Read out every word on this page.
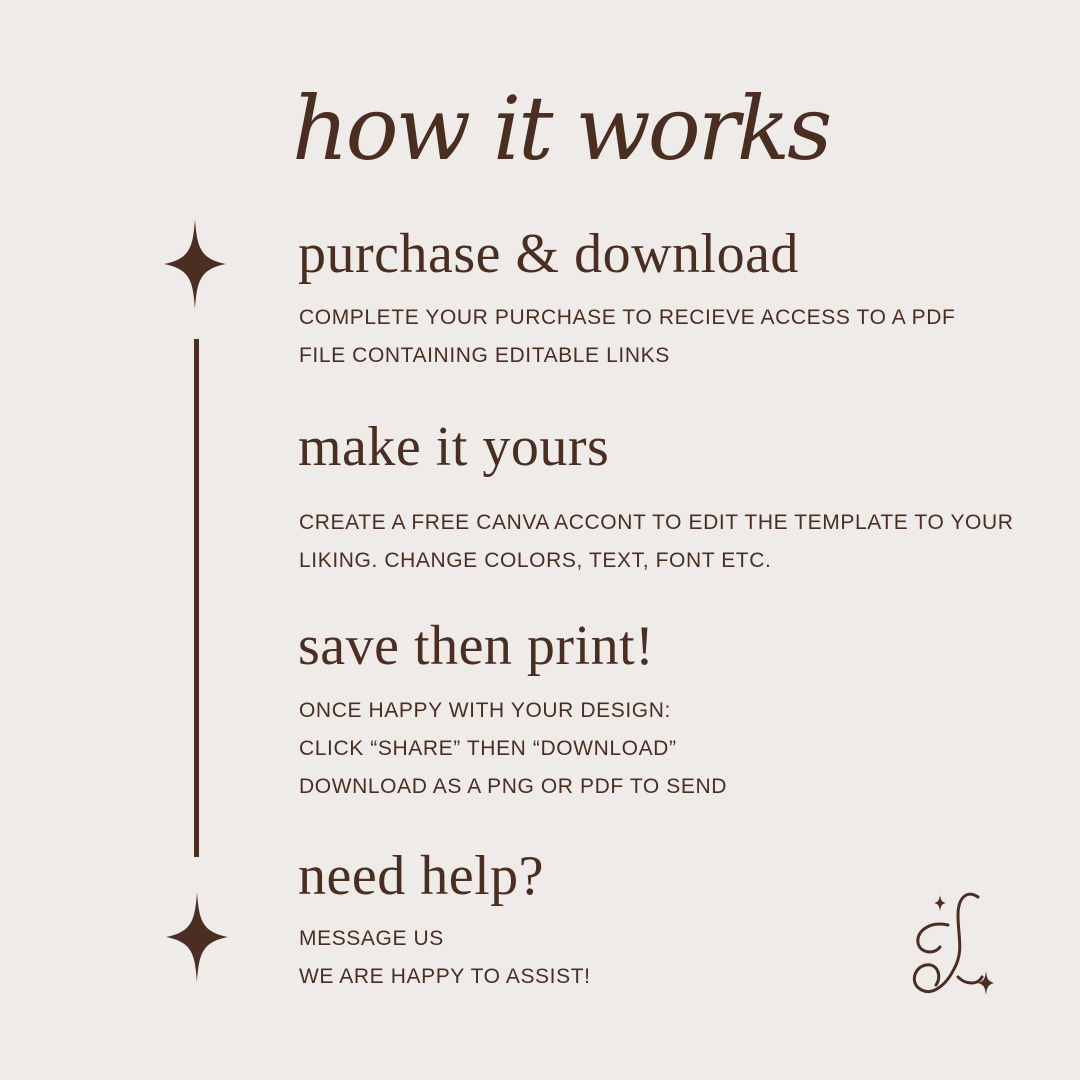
how it works
purchase & download
COMPLETE YOUR PURCHASE TO RECIEVE ACCESS TO A PDF
FILE CONTAINING EDITABLE LINKS
make it yours
CREATE A FREE CANVA ACCONT TO EDIT THE TEMPLATE TO YOUR
LIKING. CHANGE COLORS, TEXT, FONT ETC.
save then print!
ONCE HAPPY WITH YOUR DESIGN:
CLICK “SHARE” THEN “DOWNLOAD”
DOWNLOAD AS A PNG OR PDF TO SEND
need help?
MESSAGE US
WE ARE HAPPY TO ASSIST!
